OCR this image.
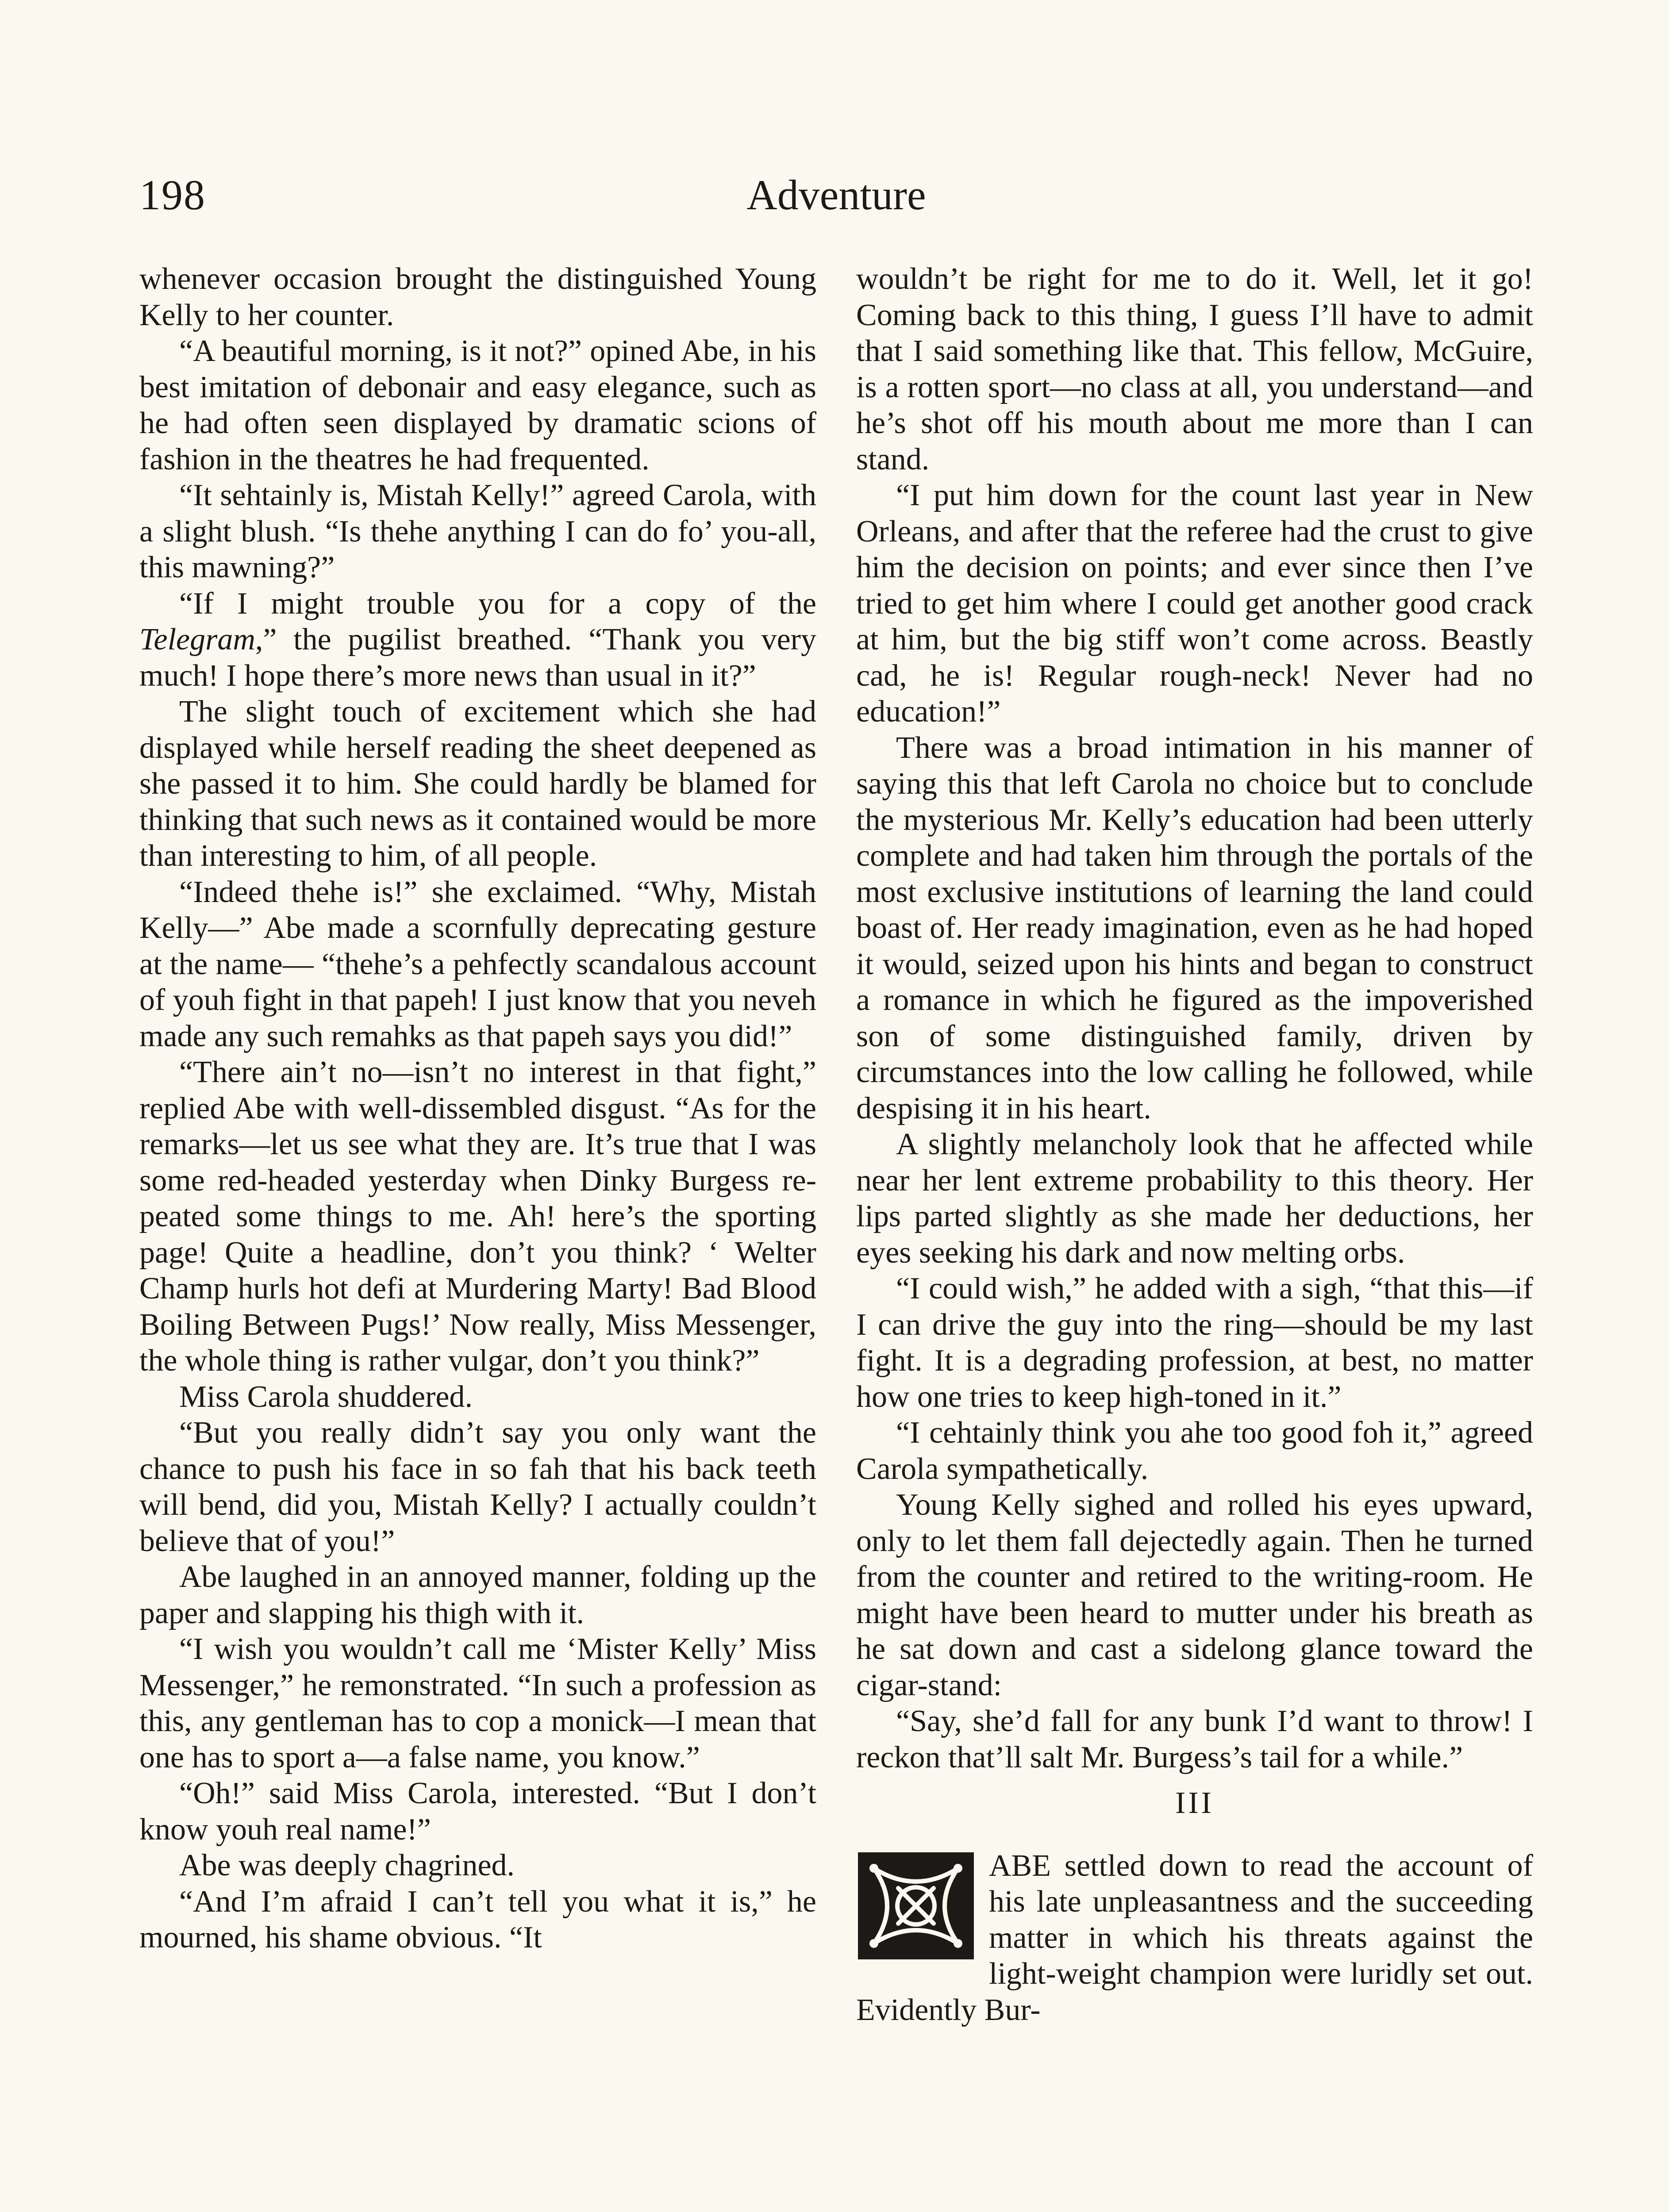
198	Adventure

whenever occasion brought the distinguished Young Kelly to her counter.

“A beautiful morning, is it not?” opined Abe, in his best imitation of debonair and easy elegance, such as he had often seen displayed by dramatic scions of fashion in the theatres he had frequented.

“It sehtainly is, Mistah Kelly!” agreed Carola, with a slight blush. “Is thehe anything I can do fo’ you-all, this mawning?”

“If I might trouble you for a copy of the Telegram,” the pugilist breathed. “Thank you very much! I hope there’s more news than usual in it?”

The slight touch of excitement which she had displayed while herself reading the sheet deepened as she passed it to him. She could hardly be blamed for thinking that such news as it contained would be more than interesting to him, of all people.

“Indeed thehe is!” she exclaimed. “Why, Mistah Kelly—” Abe made a scornfully deprecating gesture at the name— “thehe’s a pehfectly scandalous account of youh fight in that papeh! I just know that you neveh made any such remahks as that papeh says you did!”

“There ain’t no—isn’t no interest in that fight,” replied Abe with well-dissembled disgust. “As for the remarks—let us see what they are. It’s true that I was some red-headed yesterday when Dinky Burgess repeated some things to me. Ah! here’s the sporting page! Quite a headline, don’t you think? ‘ Welter Champ hurls hot defi at Murdering Marty! Bad Blood Boiling Between Pugs!’ Now really, Miss Messenger, the whole thing is rather vulgar, don’t you think?”

Miss Carola shuddered.

“But you really didn’t say you only want the chance to push his face in so fah that his back teeth will bend, did you, Mistah Kelly? I actually couldn’t believe that of you!”

Abe laughed in an annoyed manner, folding up the paper and slapping his thigh with it.

“I wish you wouldn’t call me ‘Mister Kelly’ Miss Messenger,” he remonstrated. “In such a profession as this, any gentleman has to cop a monick—I mean that one has to sport a—a false name, you know.”

“Oh!” said Miss Carola, interested. “But I don’t know youh real name!”

Abe was deeply chagrined.

“And I’m afraid I can’t tell you what it is,” he mourned, his shame obvious. “It

wouldn’t be right for me to do it. Well, let it go! Coming back to this thing, I guess I’ll have to admit that I said something like that. This fellow, McGuire, is a rotten sport—no class at all, you understand—and he’s shot off his mouth about me more than I can stand.

“I put him down for the count last year in New Orleans, and after that the referee had the crust to give him the decision on points; and ever since then I’ve tried to get him where I could get another good crack at him, but the big stiff won’t come across. Beastly cad, he is! Regular rough-neck! Never had no education!”

There was a broad intimation in his manner of saying this that left Carola no choice but to conclude the mysterious Mr. Kelly’s education had been utterly complete and had taken him through the portals of the most exclusive institutions of learning the land could boast of. Her ready imagination, even as he had hoped it would, seized upon his hints and began to construct a romance in which he figured as the impoverished son of some distinguished family, driven by circumstances into the low calling he followed, while despising it in his heart.

A slightly melancholy look that he affected while near her lent extreme probability to this theory. Her lips parted slightly as she made her deductions, her eyes seeking his dark and now melting orbs.

“I could wish,” he added with a sigh, “that this—if I can drive the guy into the ring—should be my last fight. It is a degrading profession, at best, no matter how one tries to keep high-toned in it.”

“I cehtainly think you ahe too good foh it,” agreed Carola sympathetically.

Young Kelly sighed and rolled his eyes upward, only to let them fall dejectedly again. Then he turned from the counter and retired to the writing-room. He might have been heard to mutter under his breath as he sat down and cast a sidelong glance toward the cigar-stand:

“Say, she’d fall for any bunk I’d want to throw! I reckon that’ll salt Mr. Burgess’s tail for a while.”

III

ABE settled down to read the account of his late unpleasantness and the succeeding matter in which his threats against the light-weight champion were luridly set out. Evidently Bur-
